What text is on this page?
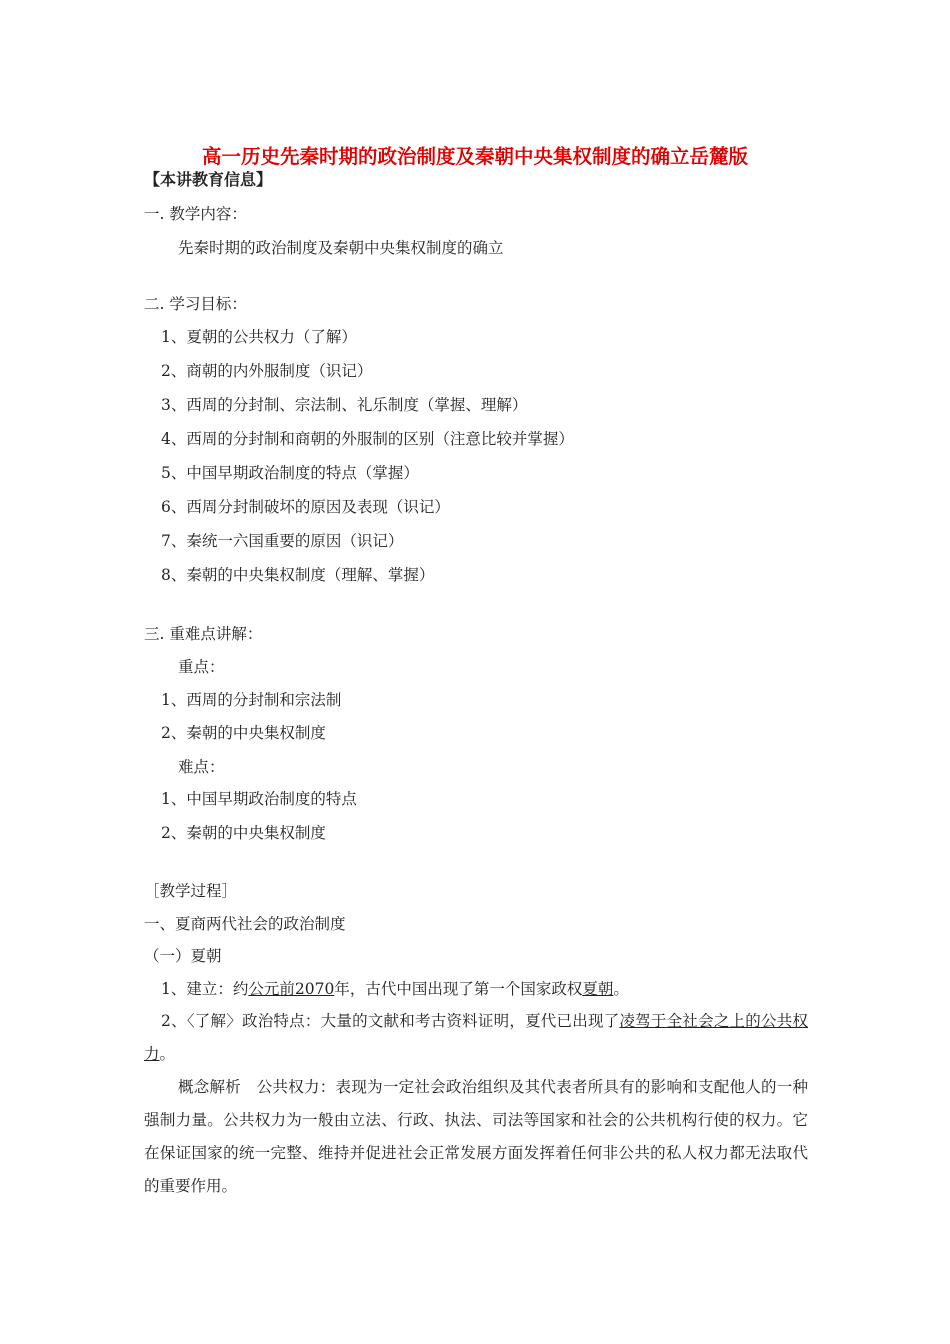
高一历史先秦时期的政治制度及秦朝中央集权制度的确立岳麓版
【本讲教育信息】
一. 教学内容：
先秦时期的政治制度及秦朝中央集权制度的确立
二. 学习目标：
1、夏朝的公共权力（了解）
2、商朝的内外服制度（识记）
3、西周的分封制、宗法制、礼乐制度（掌握、理解）
4、西周的分封制和商朝的外服制的区别（注意比较并掌握）
5、中国早期政治制度的特点（掌握）
6、西周分封制破坏的原因及表现（识记）
7、秦统一六国重要的原因（识记）
8、秦朝的中央集权制度（理解、掌握）
三. 重难点讲解：
重点：
1、西周的分封制和宗法制
2、秦朝的中央集权制度
难点：
1、中国早期政治制度的特点
2、秦朝的中央集权制度
［教学过程］
一、夏商两代社会的政治制度
（一）夏朝
1、建立：约公元前2070年，古代中国出现了第一个国家政权夏朝。
2、〈了解〉政治特点：大量的文献和考古资料证明，夏代已出现了凌驾于全社会之上的公共权力。
概念解析　公共权力：表现为一定社会政治组织及其代表者所具有的影响和支配他人的一种强制力量。公共权力为一般由立法、行政、执法、司法等国家和社会的公共机构行使的权力。它在保证国家的统一完整、维持并促进社会正常发展方面发挥着任何非公共的私人权力都无法取代的重要作用。
